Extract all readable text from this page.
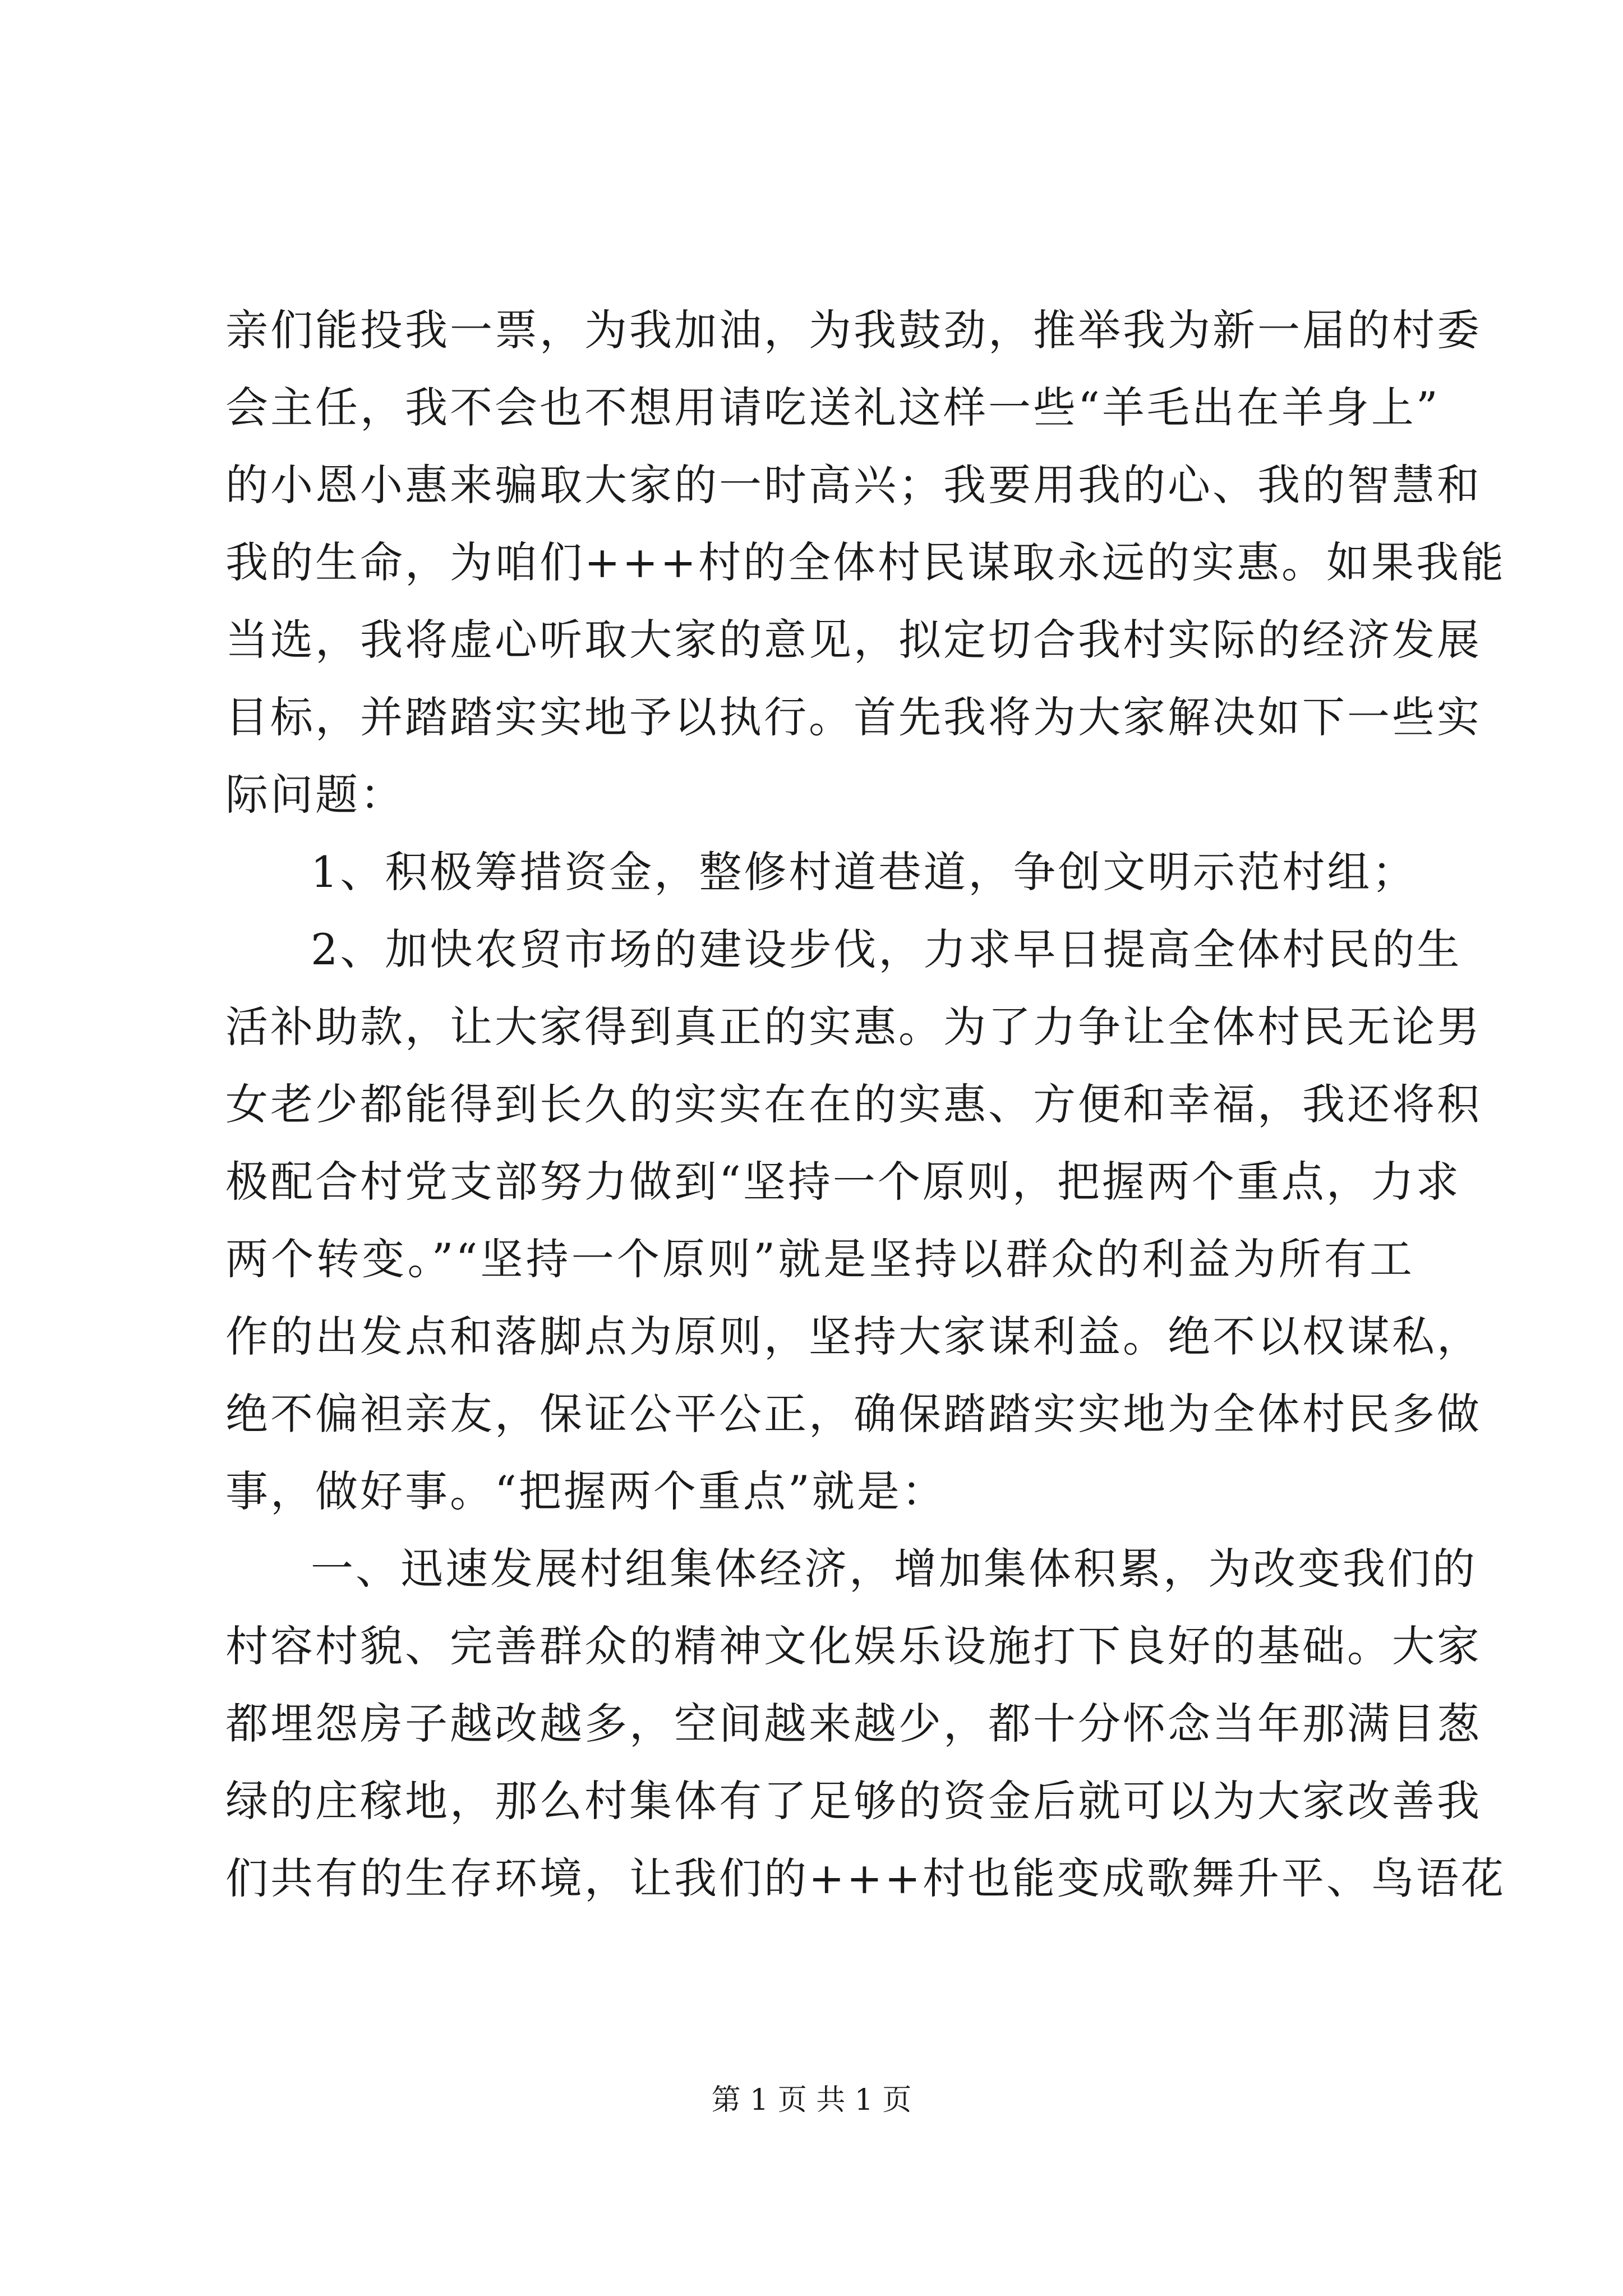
亲们能投我一票，为我加油，为我鼓劲，推举我为新一届的村委
会主任，我不会也不想用请吃送礼这样一些“羊毛出在羊身上”
的小恩小惠来骗取大家的一时高兴；我要用我的心、我的智慧和
我的生命，为咱们+++村的全体村民谋取永远的实惠。如果我能
当选，我将虚心听取大家的意见，拟定切合我村实际的经济发展
目标，并踏踏实实地予以执行。首先我将为大家解决如下一些实
际问题：
1、积极筹措资金，整修村道巷道，争创文明示范村组；
2、加快农贸市场的建设步伐，力求早日提高全体村民的生
活补助款，让大家得到真正的实惠。为了力争让全体村民无论男
女老少都能得到长久的实实在在的实惠、方便和幸福，我还将积
极配合村党支部努力做到“坚持一个原则，把握两个重点，力求
两个转变。”“坚持一个原则”就是坚持以群众的利益为所有工
作的出发点和落脚点为原则，坚持大家谋利益。绝不以权谋私，
绝不偏袒亲友，保证公平公正，确保踏踏实实地为全体村民多做
事，做好事。“把握两个重点”就是：
一、迅速发展村组集体经济，增加集体积累，为改变我们的
村容村貌、完善群众的精神文化娱乐设施打下良好的基础。大家
都埋怨房子越改越多，空间越来越少，都十分怀念当年那满目葱
绿的庄稼地，那么村集体有了足够的资金后就可以为大家改善我
们共有的生存环境，让我们的+++村也能变成歌舞升平、鸟语花
第 1 页 共 1 页
